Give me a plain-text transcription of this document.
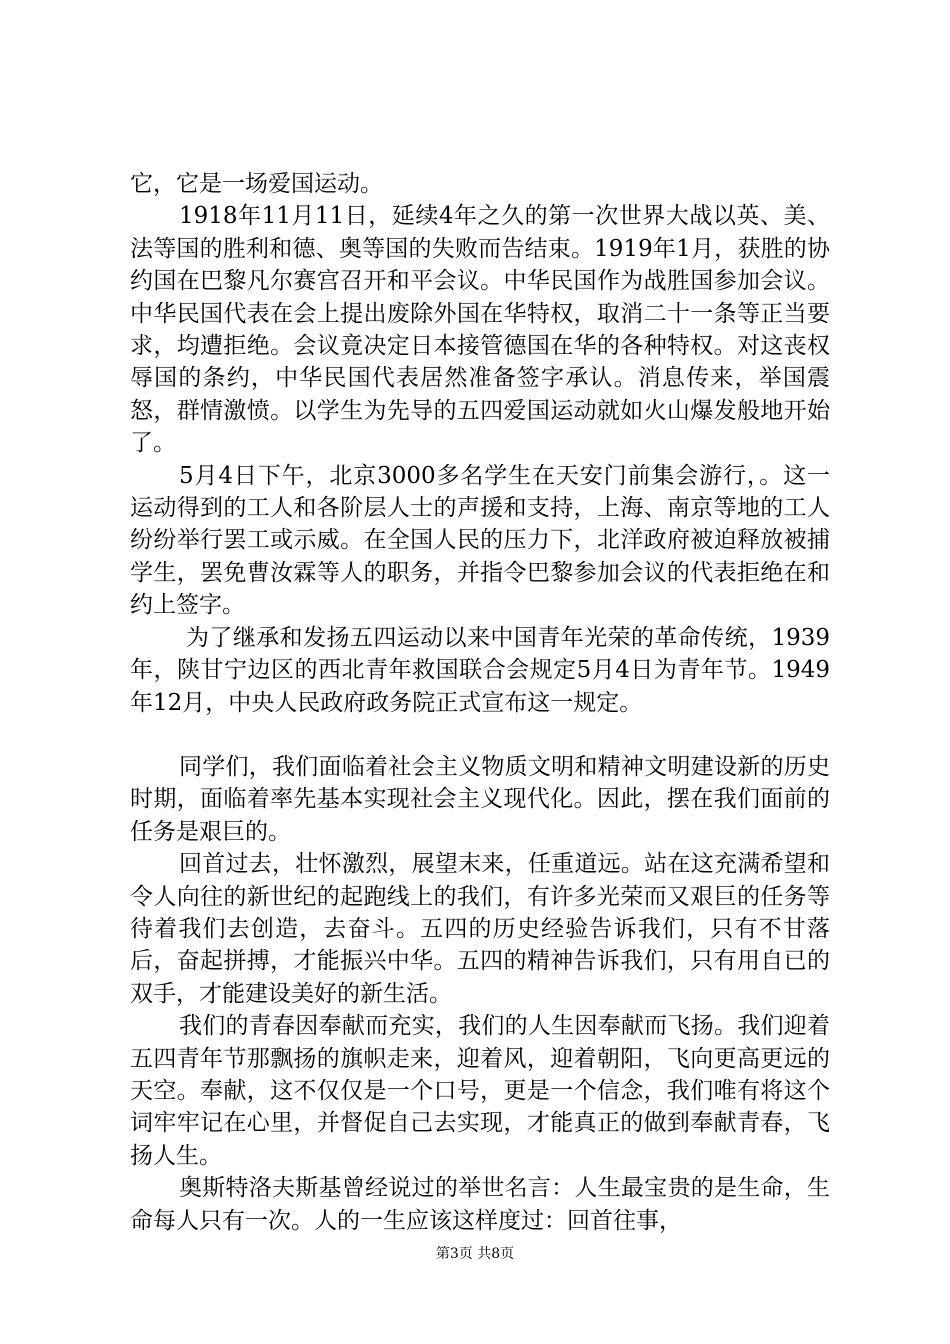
它，它是一场爱国运动。

1918年11月11日，延续4年之久的第一次世界大战以英、美、法等国的胜利和德、奥等国的失败而告结束。1919年1月，获胜的协约国在巴黎凡尔赛宫召开和平会议。中华民国作为战胜国参加会议。中华民国代表在会上提出废除外国在华特权，取消二十一条等正当要求，均遭拒绝。会议竟决定日本接管德国在华的各种特权。对这丧权辱国的条约，中华民国代表居然准备签字承认。消息传来，举国震怒，群情激愤。以学生为先导的五四爱国运动就如火山爆发般地开始了。

5月4日下午，北京3000多名学生在天安门前集会游行，。这一运动得到的工人和各阶层人士的声援和支持，上海、南京等地的工人纷纷举行罢工或示威。在全国人民的压力下，北洋政府被迫释放被捕学生，罢免曹汝霖等人的职务，并指令巴黎参加会议的代表拒绝在和约上签字。

为了继承和发扬五四运动以来中国青年光荣的革命传统，1939年，陕甘宁边区的西北青年救国联合会规定5月4日为青年节。1949年12月，中央人民政府政务院正式宣布这一规定。

同学们，我们面临着社会主义物质文明和精神文明建设新的历史时期，面临着率先基本实现社会主义现代化。因此，摆在我们面前的任务是艰巨的。

回首过去，壮怀激烈，展望末来，任重道远。站在这充满希望和令人向往的新世纪的起跑线上的我们，有许多光荣而又艰巨的任务等待着我们去创造，去奋斗。五四的历史经验告诉我们，只有不甘落后，奋起拼搏，才能振兴中华。五四的精神告诉我们，只有用自已的双手，才能建设美好的新生活。

我们的青春因奉献而充实，我们的人生因奉献而飞扬。我们迎着五四青年节那飘扬的旗帜走来，迎着风，迎着朝阳，飞向更高更远的天空。奉献，这不仅仅是一个口号，更是一个信念，我们唯有将这个词牢牢记在心里，并督促自己去实现，才能真正的做到奉献青春，飞扬人生。

奥斯特洛夫斯基曾经说过的举世名言：人生最宝贵的是生命，生命每人只有一次。人的一生应该这样度过：回首往事，

第3页 共8页
